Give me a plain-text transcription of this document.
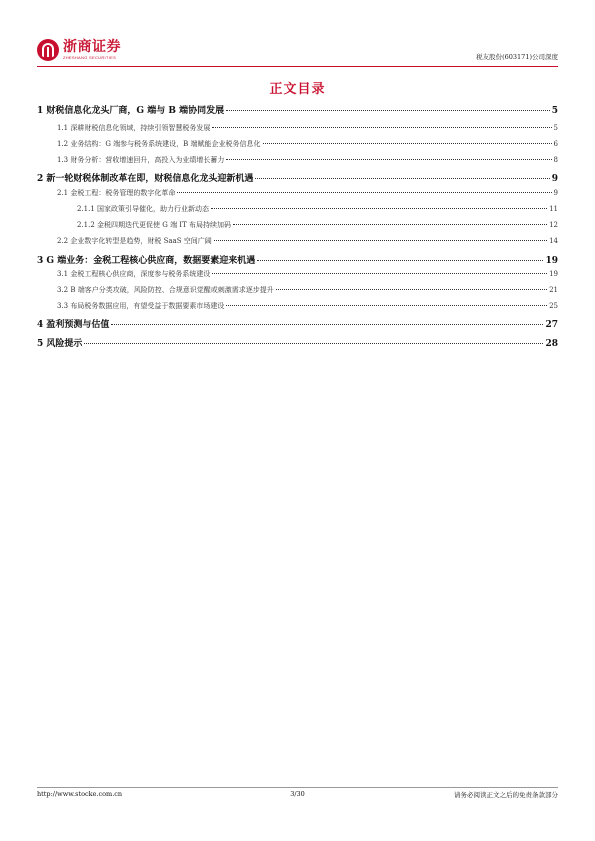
浙商证券
ZHESHANG SECURITIES	税友股份(603171)公司深度
正文目录
1 财税信息化龙头厂商，G 端与 B 端协同发展	5
1.1 深耕财税信息化领域，持续引领智慧税务发展	5
1.2 业务结构：G 端参与税务系统建设，B 端赋能企业税务信息化	6
1.3 财务分析：营收增速回升，高投入为业绩增长蓄力	8
2 新一轮财税体制改革在即，财税信息化龙头迎新机遇	9
2.1 金税工程：税务管理的数字化革命	9
2.1.1 国家政策引导催化，助力行业新动态	11
2.1.2 金税四期迭代更促使 G 端 IT 布局持续加码	12
2.2 企业数字化转型是趋势，财税 SaaS 空间广阔	14
3 G 端业务：金税工程核心供应商，数据要素迎来机遇	19
3.1 金税工程核心供应商，深度参与税务系统建设	19
3.2 B 端客户分类攻破，风险防控、合规意识觉醒或刺激需求逐步提升	21
3.3 布局税务数据应用，有望受益于数据要素市场建设	25
4 盈利预测与估值	27
5 风险提示	28
http://www.stocke.com.cn	3/30	请务必阅读正文之后的免责条款部分
